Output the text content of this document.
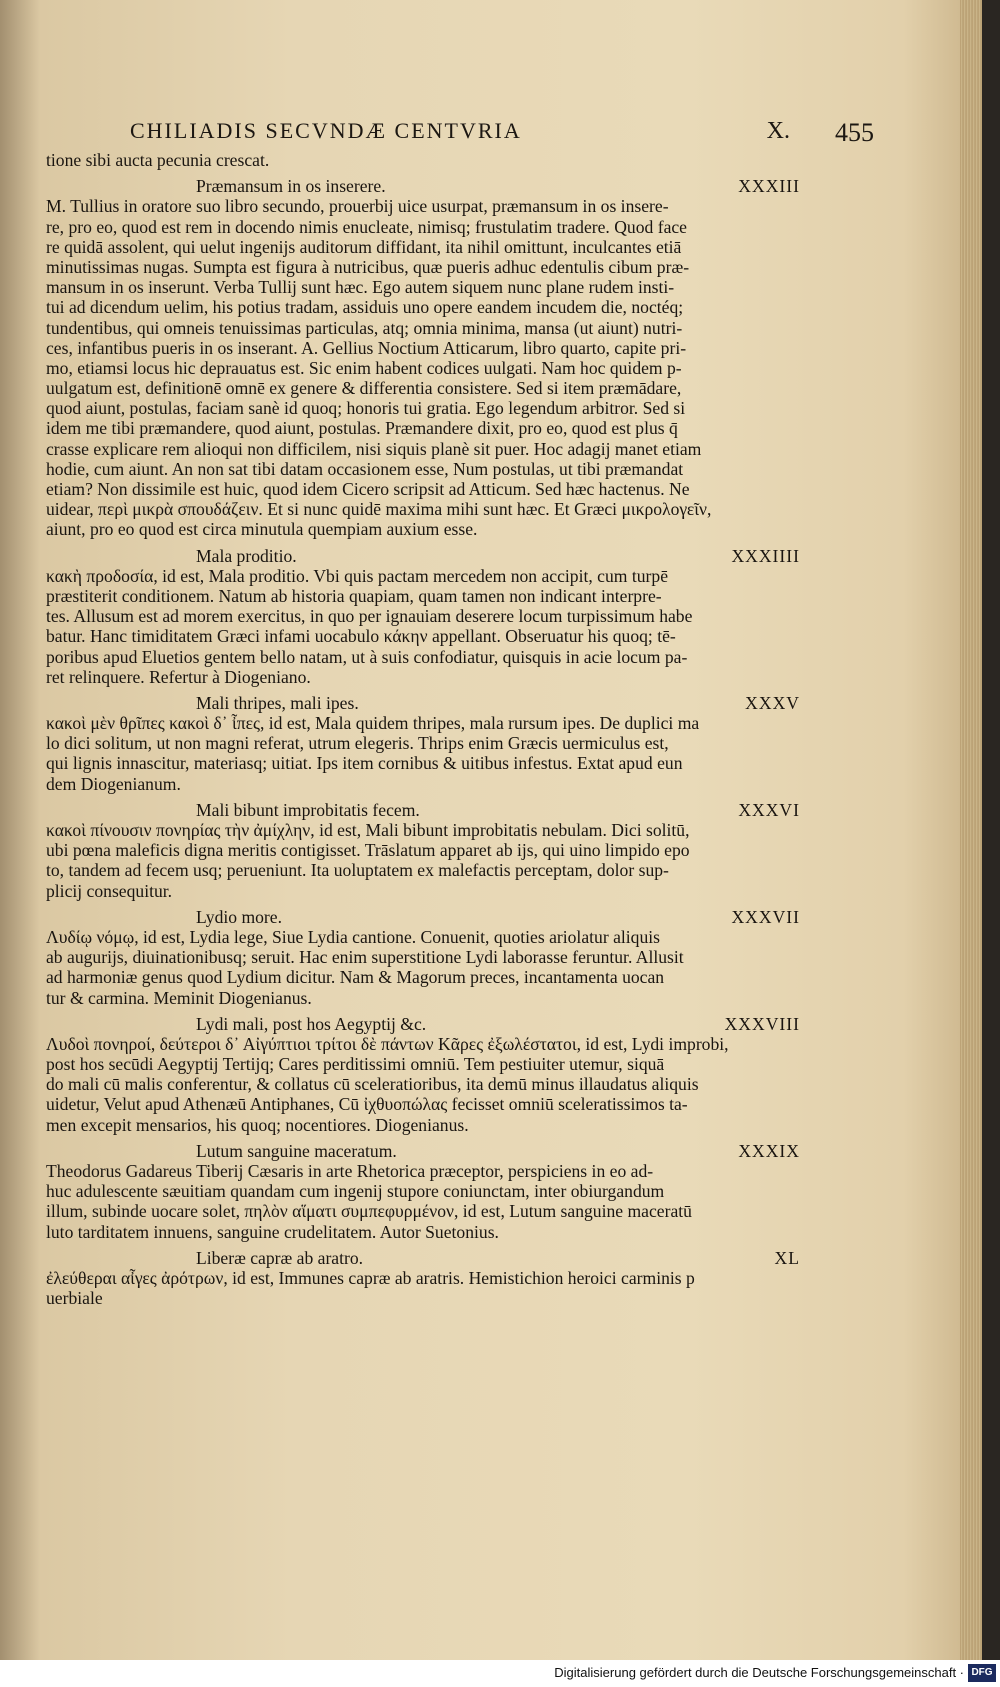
CHILIADIS SECVNDÆ CENTVRIA	X. 455
tione sibi aucta pecunia crescat.
Præmansum in os inserere.	XXXIII
M. Tullius in oratore suo libro secundo, prouerbij uice usurpat, præmansum in os insere-
re, pro eo, quod est rem in docendo nimis enucleate, nimisq; frustulatim tradere. Quod face
re quidā assolent, qui uelut ingenijs auditorum diffidant, ita nihil omittunt, inculcantes etiā
minutissimas nugas. Sumpta est figura à nutricibus, quæ pueris adhuc edentulis cibum præ-
mansum in os inserunt. Verba Tullij sunt hæc. Ego autem siquem nunc plane rudem insti-
tui ad dicendum uelim, his potius tradam, assiduis uno opere eandem incudem die, noctéq;
tundentibus, qui omneis tenuissimas particulas, atq; omnia minima, mansa (ut aiunt) nutri-
ces, infantibus pueris in os inserant. A. Gellius Noctium Atticarum, libro quarto, capite pri-
mo, etiamsi locus hic deprauatus est. Sic enim habent codices uulgati. Nam hoc quidem p-
uulgatum est, definitionē omnē ex genere & differentia consistere. Sed si item præmādare,
quod aiunt, postulas, faciam sanè id quoq; honoris tui gratia. Ego legendum arbitror. Sed si
idem me tibi præmandere, quod aiunt, postulas. Præmandere dixit, pro eo, quod est plus q̄
crasse explicare rem alioqui non difficilem, nisi siquis planè sit puer. Hoc adagij manet etiam
hodie, cum aiunt. An non sat tibi datam occasionem esse, Num postulas, ut tibi præmandat
etiam? Non dissimile est huic, quod idem Cicero scripsit ad Atticum. Sed hæc hactenus. Ne
uidear, περὶ μικρὰ σπουδάζειν. Et si nunc quidē maxima mihi sunt hæc. Et Græci μικρολογεῖν,
aiunt, pro eo quod est circa minutula quempiam auxium esse.
Mala proditio.	XXXIIII
κακὴ προδοσία, id est, Mala proditio. Vbi quis pactam mercedem non accipit, cum turpē
præstiterit conditionem. Natum ab historia quapiam, quam tamen non indicant interpre-
tes. Allusum est ad morem exercitus, in quo per ignauiam deserere locum turpissimum habe
batur. Hanc timiditatem Græci infami uocabulo κάκην appellant. Obseruatur his quoq; tē-
poribus apud Eluetios gentem bello natam, ut à suis confodiatur, quisquis in acie locum pa-
ret relinquere. Refertur à Diogeniano.
Mali thripes, mali ipes.	XXXV
κακοὶ μὲν θρῖπες κακοὶ δ᾽ ἶπες, id est, Mala quidem thripes, mala rursum ipes. De duplici ma
lo dici solitum, ut non magni referat, utrum elegeris. Thrips enim Græcis uermiculus est,
qui lignis innascitur, materiasq; uitiat. Ips item cornibus & uitibus infestus. Extat apud eun
dem Diogenianum.
Mali bibunt improbitatis fecem.	XXXVI
κακοὶ πίνουσιν πονηρίας τὴν ἀμίχλην, id est, Mali bibunt improbitatis nebulam. Dici solitū,
ubi pœna maleficis digna meritis contigisset. Trāslatum apparet ab ijs, qui uino limpido epo
to, tandem ad fecem usq; perueniunt. Ita uoluptatem ex malefactis perceptam, dolor sup-
plicij consequitur.
Lydio more.	XXXVII
Λυδίῳ νόμῳ, id est, Lydia lege, Siue Lydia cantione. Conuenit, quoties ariolatur aliquis
ab augurijs, diuinationibusq; seruit. Hac enim superstitione Lydi laborasse feruntur. Allusit
ad harmoniæ genus quod Lydium dicitur. Nam & Magorum preces, incantamenta uocan
tur & carmina. Meminit Diogenianus.
Lydi mali, post hos Aegyptij &c.	XXXVIII
Λυδοὶ πονηροί, δεύτεροι δ᾽ Αἰγύπτιοι τρίτοι δὲ πάντων Κᾶρες ἐξωλέστατοι, id est, Lydi improbi,
post hos secūdi Aegyptij Tertijq; Cares perditissimi omniū. Tem pestiuiter utemur, siquā
do mali cū malis conferentur, & collatus cū sceleratioribus, ita demū minus illaudatus aliquis
uidetur, Velut apud Athenæū Antiphanes, Cū ἰχθυοπώλας fecisset omniū sceleratissimos ta-
men excepit mensarios, his quoq; nocentiores. Diogenianus.
Lutum sanguine maceratum.	XXXIX
Theodorus Gadareus Tiberij Cæsaris in arte Rhetorica præceptor, perspiciens in eo ad-
huc adulescente sæuitiam quandam cum ingenij stupore coniunctam, inter obiurgandum
illum, subinde uocare solet, πηλὸν αἵματι συμπεφυρμένον, id est, Lutum sanguine maceratū
luto tarditatem innuens, sanguine crudelitatem. Autor Suetonius.
Liberæ capræ ab aratro.	XL
ἐλεύθεραι αἶγες ἀρότρων, id est, Immunes capræ ab aratris. Hemistichion heroici carminis p
uerbiale
Digitalisierung gefördert durch die Deutsche Forschungsgemeinschaft · DFG
